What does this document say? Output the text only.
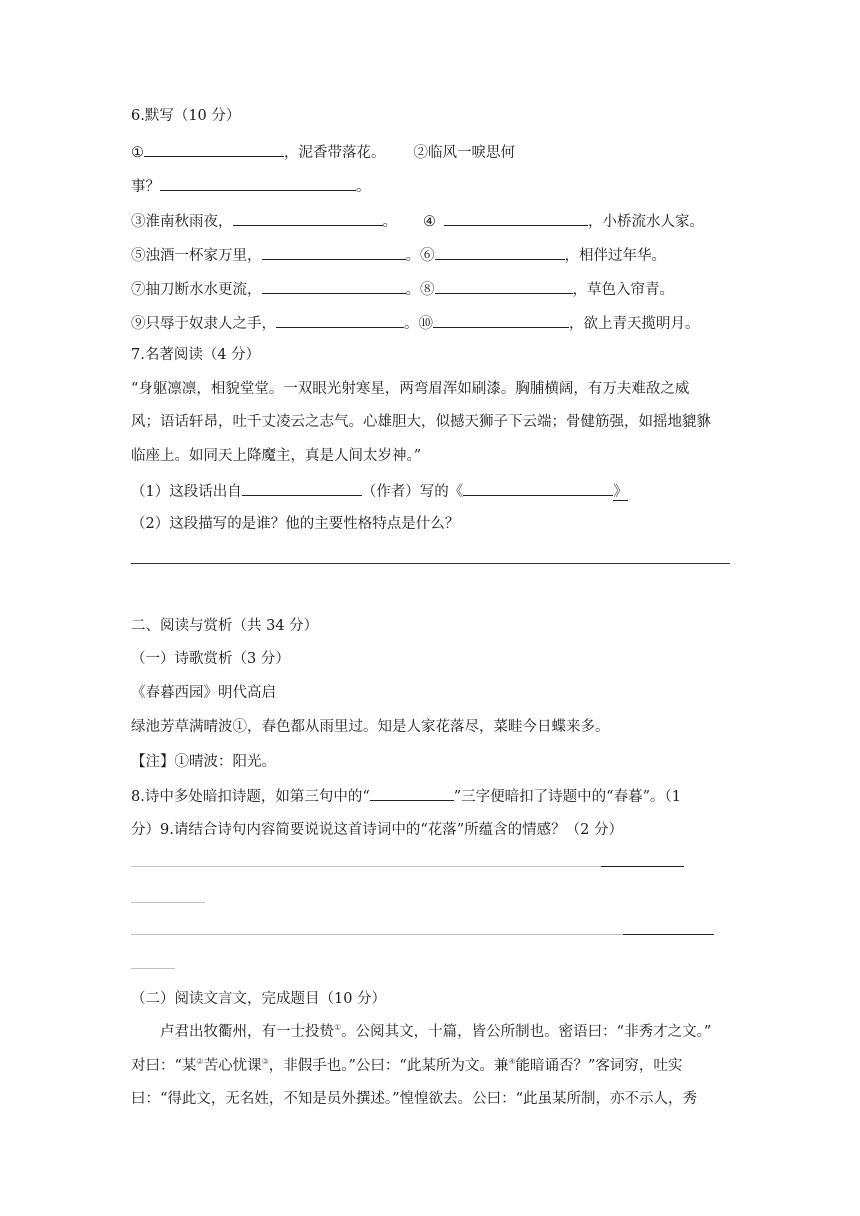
6.默写（10 分）
①	，泥香带落花。 ②临风一唳思何
事？	。
③淮南秋雨夜，	。 ④	，小桥流水人家。
⑤浊酒一杯家万里，	。⑥	，相伴过年华。
⑦抽刀断水水更流，	。⑧	，草色入帘青。
⑨只辱于奴隶人之手，	。⑩	，欲上青天揽明月。
7.名著阅读（4 分）
“身躯凛凛，相貌堂堂。一双眼光射寒星，两弯眉浑如刷漆。胸脯横阔，有万夫难敌之威
风；语话轩昂，吐千丈凌云之志气。心雄胆大，似撼天狮子下云端；骨健筋强，如摇地貔貅
临座上。如同天上降魔主，真是人间太岁神。”
（1）这段话出自	（作者）写的《	》
（2）这段描写的是谁？他的主要性格特点是什么？
二、阅读与赏析（共 34 分）
（一）诗歌赏析（3 分）
《春暮西园》明代高启
绿池芳草满晴波①，春色都从雨里过。知是人家花落尽，菜畦今日蝶来多。
【注】①晴波：阳光。
8.诗中多处暗扣诗题，如第三句中的“	”三字便暗扣了诗题中的“春暮”。（1
分）9.请结合诗句内容简要说说这首诗词中的“花落”所蕴含的情感？（2 分）
（二）阅读文言文，完成题目（10 分）
卢君出牧衢州，有一士投贽①。公阅其文，十篇，皆公所制也。密语曰：“非秀才之文。”
对曰：“某②苦心忧课③，非假手也。”公曰：“此某所为文。兼④能暗诵否？”客词穷，吐实
曰：“得此文，无名姓，不知是员外撰述。”惶惶欲去。公曰：“此虽某所制，亦不示人，秀
